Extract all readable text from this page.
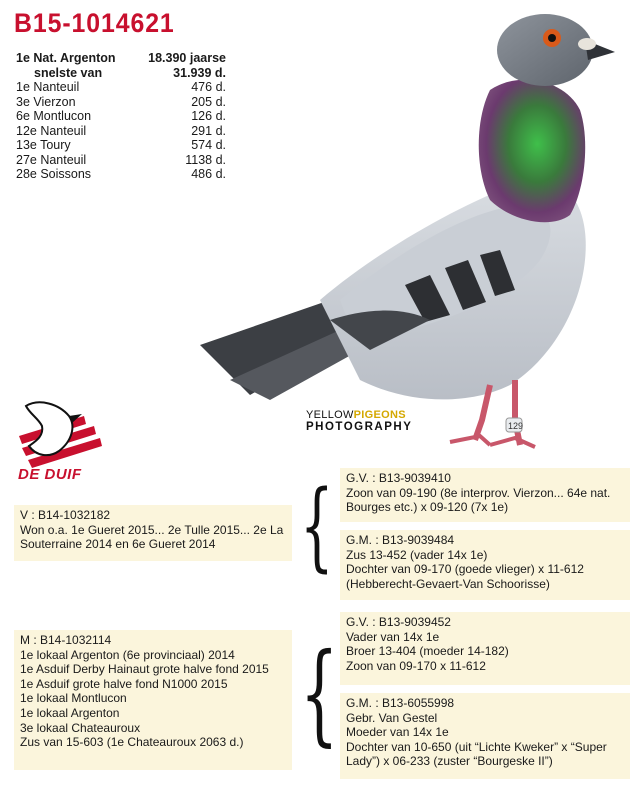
B15-1014621
1e Nat. Argenton	18.390 jaarse
snelste van	31.939 d.
1e Nanteuil	476 d.
3e Vierzon	205 d.
6e Montlucon	126 d.
12e Nanteuil	291 d.
13e Toury	574 d.
27e Nanteuil	1138 d.
28e Soissons	486 d.
129
YELLOWPIGEONS
PHOTOGRAPHY
DE DUIF {
{
V : B14-1032182
Won o.a. 1e Gueret 2015... 2e Tulle 2015... 2e La
Souterraine 2014 en 6e Gueret 2014
G.V. : B13-9039410
Zoon van 09-190 (8e interprov. Vierzon... 64e nat.
Bourges etc.) x 09-120 (7x 1e)
G.M. : B13-9039484
Zus 13-452 (vader 14x 1e)
Dochter van 09-170 (goede vlieger) x 11-612
(Hebberecht-Gevaert-Van Schoorisse)
M : B14-1032114
1e lokaal Argenton (6e provinciaal) 2014
1e Asduif Derby Hainaut grote halve fond 2015
1e Asduif grote halve fond N1000 2015
1e lokaal Montlucon
1e lokaal Argenton
3e lokaal Chateauroux
Zus van 15-603 (1e Chateauroux 2063 d.)
G.V. : B13-9039452
Vader van 14x 1e
Broer 13-404 (moeder 14-182)
Zoon van 09-170 x 11-612
G.M. : B13-6055998
Gebr. Van Gestel
Moeder van 14x 1e
Dochter van 10-650 (uit “Lichte Kweker” x “Super
Lady”) x 06-233 (zuster “Bourgeske II”)
